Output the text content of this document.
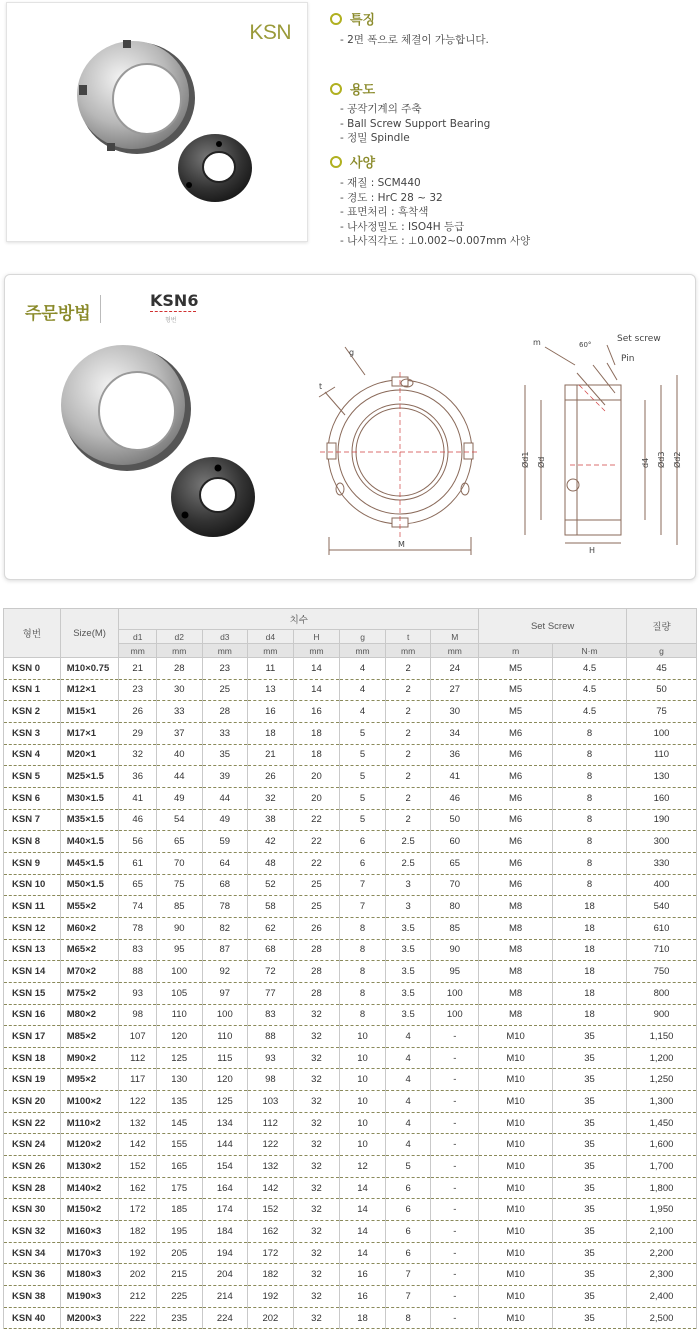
KSN
특징
- 2면 폭으로 체결이 가능합니다.
용도
- 공작기계의 주축
- Ball Screw Support Bearing
- 정밀 Spindle
사양
- 재질 : SCM440
- 경도 : HrC 28 ~ 32
- 표면처리 : 흑착색
- 나사정밀도 : ISO4H 등급
- 나사직각도 : ⊥0.002~0.007mm 사양
주문방법
KSN6
형번
g
t
M
m	60°
Set screw
Pin
Ød1 Ød	d4 Ød3 Ød2
H
형번	Size(M)	치수								Set Screw		질량
		d1	d2	d3	d4	H	g	t	M			
		mm	mm	mm	mm	mm	mm	mm	mm	m	N·m	g
KSN 0	M10×0.75	21	28	23	11	14	4	2	24	M5	4.5	45
KSN 1	M12×1	23	30	25	13	14	4	2	27	M5	4.5	50
KSN 2	M15×1	26	33	28	16	16	4	2	30	M5	4.5	75
KSN 3	M17×1	29	37	33	18	18	5	2	34	M6	8	100
KSN 4	M20×1	32	40	35	21	18	5	2	36	M6	8	110
KSN 5	M25×1.5	36	44	39	26	20	5	2	41	M6	8	130
KSN 6	M30×1.5	41	49	44	32	20	5	2	46	M6	8	160
KSN 7	M35×1.5	46	54	49	38	22	5	2	50	M6	8	190
KSN 8	M40×1.5	56	65	59	42	22	6	2.5	60	M6	8	300
KSN 9	M45×1.5	61	70	64	48	22	6	2.5	65	M6	8	330
KSN 10	M50×1.5	65	75	68	52	25	7	3	70	M6	8	400
KSN 11	M55×2	74	85	78	58	25	7	3	80	M8	18	540
KSN 12	M60×2	78	90	82	62	26	8	3.5	85	M8	18	610
KSN 13	M65×2	83	95	87	68	28	8	3.5	90	M8	18	710
KSN 14	M70×2	88	100	92	72	28	8	3.5	95	M8	18	750
KSN 15	M75×2	93	105	97	77	28	8	3.5	100	M8	18	800
KSN 16	M80×2	98	110	100	83	32	8	3.5	100	M8	18	900
KSN 17	M85×2	107	120	110	88	32	10	4	-	M10	35	1,150
KSN 18	M90×2	112	125	115	93	32	10	4	-	M10	35	1,200
KSN 19	M95×2	117	130	120	98	32	10	4	-	M10	35	1,250
KSN 20	M100×2	122	135	125	103	32	10	4	-	M10	35	1,300
KSN 22	M110×2	132	145	134	112	32	10	4	-	M10	35	1,450
KSN 24	M120×2	142	155	144	122	32	10	4	-	M10	35	1,600
KSN 26	M130×2	152	165	154	132	32	12	5	-	M10	35	1,700
KSN 28	M140×2	162	175	164	142	32	14	6	-	M10	35	1,800
KSN 30	M150×2	172	185	174	152	32	14	6	-	M10	35	1,950
KSN 32	M160×3	182	195	184	162	32	14	6	-	M10	35	2,100
KSN 34	M170×3	192	205	194	172	32	14	6	-	M10	35	2,200
KSN 36	M180×3	202	215	204	182	32	16	7	-	M10	35	2,300
KSN 38	M190×3	212	225	214	192	32	16	7	-	M10	35	2,400
KSN 40	M200×3	222	235	224	202	32	18	8	-	M10	35	2,500
